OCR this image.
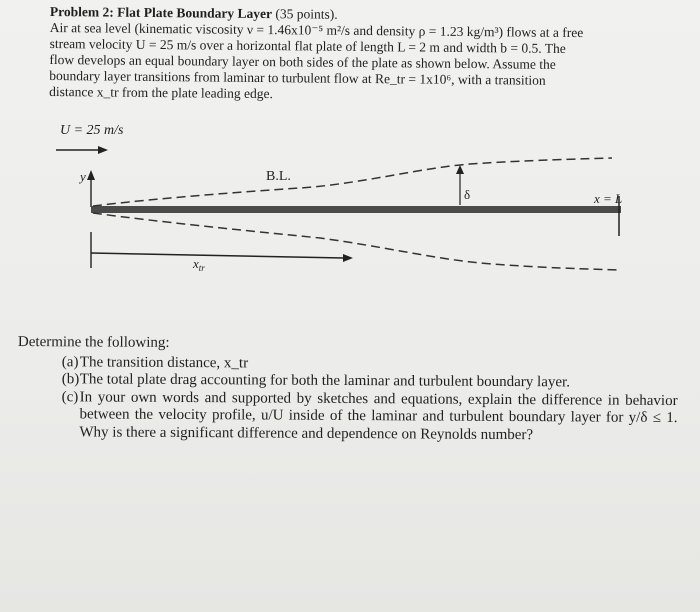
Problem 2: Flat Plate Boundary Layer (35 points).

Air at sea level (kinematic viscosity ν = 1.46x10⁻⁵ m²/s and density ρ = 1.23 kg/m³) flows at a free

stream velocity U = 25 m/s over a horizontal flat plate of length L = 2 m and width b = 0.5. The

flow develops an equal boundary layer on both sides of the plate as shown below. Assume the

boundary layer transitions from laminar to turbulent flow at Re_tr = 1x10⁶, with a transition

distance x_tr from the plate leading edge.

U = 25 m/s
y	B.L.
δ	x = L
$x_{tr}$

Determine the following:

(a) The transition distance, x_tr
(b) The total plate drag accounting for both the laminar and turbulent boundary layer.
(c) In your own words and supported by sketches and equations, explain the difference in behavior between the velocity profile, u/U inside of the laminar and turbulent boundary layer for y/δ ≤ 1. Why is there a significant difference and dependence on Reynolds number?
